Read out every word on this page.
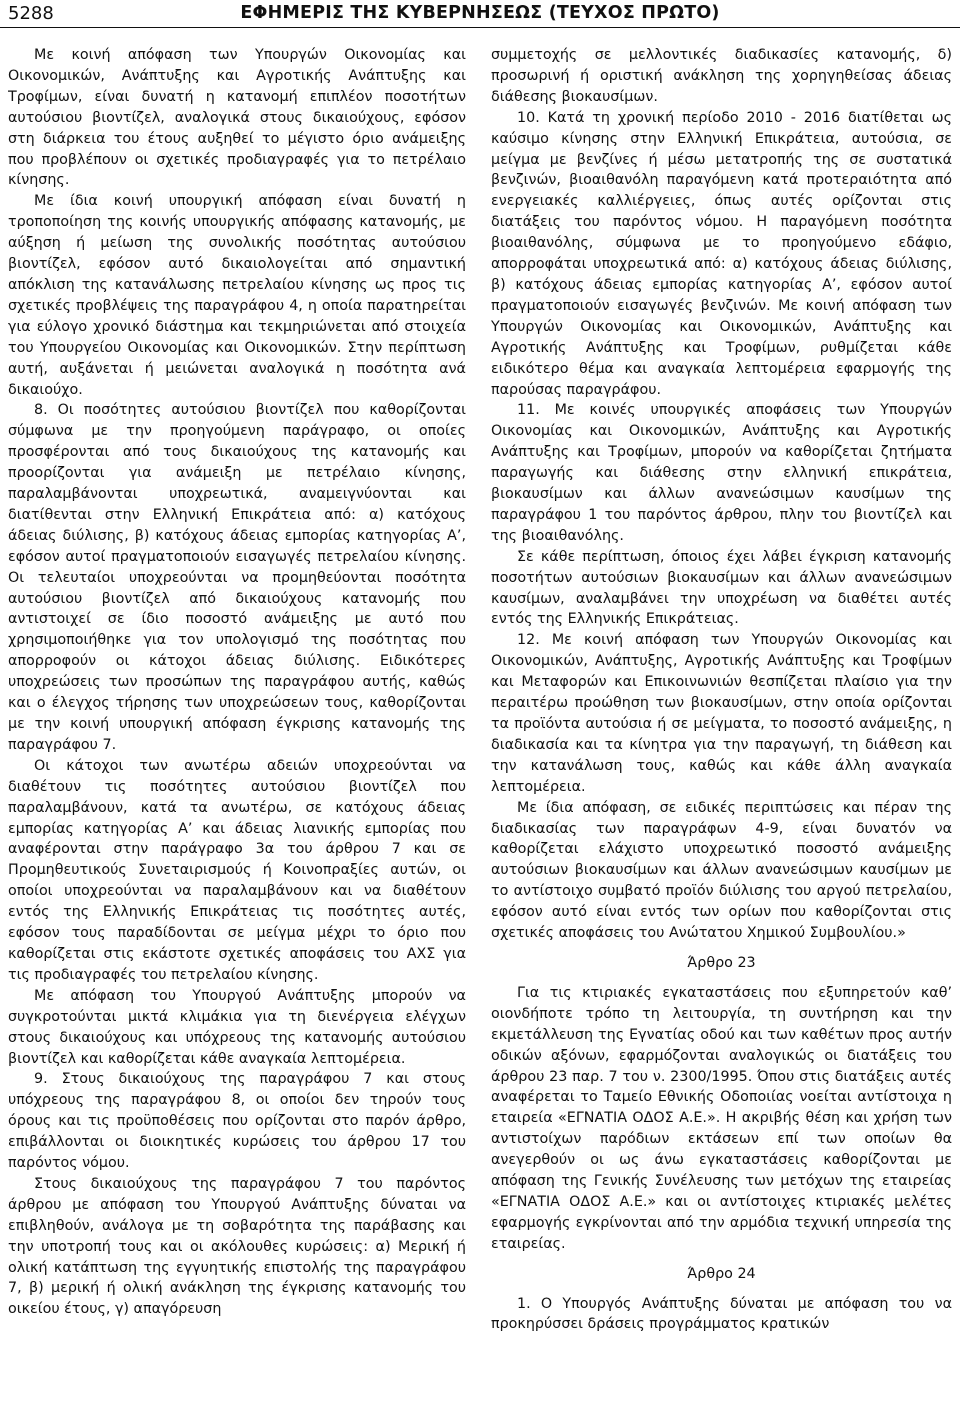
5288	ΕΦΗΜΕΡΙΣ ΤΗΣ ΚΥΒΕΡΝΗΣΕΩΣ (ΤΕΥΧΟΣ ΠΡΩΤΟ)

Με κοινή απόφαση των Υπουργών Οικονομίας και Οικονομικών, Ανάπτυξης και Αγροτικής Ανάπτυξης και Τροφίμων, είναι δυνατή η κατανομή επιπλέον ποσοτήτων αυτούσιου βιοντίζελ, αναλογικά στους δικαιούχους, εφόσον στη διάρκεια του έτους αυξηθεί το μέγιστο όριο ανάμειξης που προβλέπουν οι σχετικές προδιαγραφές για το πετρέλαιο κίνησης.

Με ίδια κοινή υπουργική απόφαση είναι δυνατή η τροποποίηση της κοινής υπουργικής απόφασης κατανομής, με αύξηση ή μείωση της συνολικής ποσότητας αυτούσιου βιοντίζελ, εφόσον αυτό δικαιολογείται από σημαντική απόκλιση της κατανάλωσης πετρελαίου κίνησης ως προς τις σχετικές προβλέψεις της παραγράφου 4, η οποία παρατηρείται για εύλογο χρονικό διάστημα και τεκμηριώνεται από στοιχεία του Υπουργείου Οικονομίας και Οικονομικών. Στην περίπτωση αυτή, αυξάνεται ή μειώνεται αναλογικά η ποσότητα ανά δικαιούχο.

8. Οι ποσότητες αυτούσιου βιοντίζελ που καθορίζονται σύμφωνα με την προηγούμενη παράγραφο, οι οποίες προσφέρονται από τους δικαιούχους της κατανομής και προορίζονται για ανάμειξη με πετρέλαιο κίνησης, παραλαμβάνονται υποχρεωτικά, αναμειγνύονται και διατίθενται στην Ελληνική Επικράτεια από: α) κατόχους άδειας διύλισης, β) κατόχους άδειας εμπορίας κατηγορίας Α’, εφόσον αυτοί πραγματοποιούν εισαγωγές πετρελαίου κίνησης. Οι τελευταίοι υποχρεούνται να προμηθεύονται ποσότητα αυτούσιου βιοντίζελ από δικαιούχους κατανομής που αντιστοιχεί σε ίδιο ποσοστό ανάμειξης με αυτό που χρησιμοποιήθηκε για τον υπολογισμό της ποσότητας που απορροφούν οι κάτοχοι άδειας διύλισης. Ειδικότερες υποχρεώσεις των προσώπων της παραγράφου αυτής, καθώς και ο έλεγχος τήρησης των υποχρεώσεων τους, καθορίζονται με την κοινή υπουργική απόφαση έγκρισης κατανομής της παραγράφου 7.

Οι κάτοχοι των ανωτέρω αδειών υποχρεούνται να διαθέτουν τις ποσότητες αυτούσιου βιοντίζελ που παραλαμβάνουν, κατά τα ανωτέρω, σε κατόχους άδειας εμπορίας κατηγορίας Α’ και άδειας λιανικής εμπορίας που αναφέρονται στην παράγραφο 3α του άρθρου 7 και σε Προμηθευτικούς Συνεταιρισμούς ή Κοινοπραξίες αυτών, οι οποίοι υποχρεούνται να παραλαμβάνουν και να διαθέτουν εντός της Ελληνικής Επικράτειας τις ποσότητες αυτές, εφόσον τους παραδίδονται σε μείγμα μέχρι το όριο που καθορίζεται στις εκάστοτε σχετικές αποφάσεις του ΑΧΣ για τις προδιαγραφές του πετρελαίου κίνησης.

Με απόφαση του Υπουργού Ανάπτυξης μπορούν να συγκροτούνται μικτά κλιμάκια για τη διενέργεια ελέγχων στους δικαιούχους και υπόχρεους της κατανομής αυτούσιου βιοντίζελ και καθορίζεται κάθε αναγκαία λεπτομέρεια.

9. Στους δικαιούχους της παραγράφου 7 και στους υπόχρεους της παραγράφου 8, οι οποίοι δεν τηρούν τους όρους και τις προϋποθέσεις που ορίζονται στο παρόν άρθρο, επιβάλλονται οι διοικητικές κυρώσεις του άρθρου 17 του παρόντος νόμου.

Στους δικαιούχους της παραγράφου 7 του παρόντος άρθρου με απόφαση του Υπουργού Ανάπτυξης δύναται να επιβληθούν, ανάλογα με τη σοβαρότητα της παράβασης και την υποτροπή τους και οι ακόλουθες κυρώσεις: α) Μερική ή ολική κατάπτωση της εγγυητικής επιστολής της παραγράφου 7, β) μερική ή ολική ανάκληση της έγκρισης κατανομής του οικείου έτους, γ) απαγόρευση

συμμετοχής σε μελλοντικές διαδικασίες κατανομής, δ) προσωρινή ή οριστική ανάκληση της χορηγηθείσας άδειας διάθεσης βιοκαυσίμων.

10. Κατά τη χρονική περίοδο 2010 - 2016 διατίθεται ως καύσιμο κίνησης στην Ελληνική Επικράτεια, αυτούσια, σε μείγμα με βενζίνες ή μέσω μετατροπής της σε συστατικά βενζινών, βιοαιθανόλη παραγόμενη κατά προτεραιότητα από ενεργειακές καλλιέργειες, όπως αυτές ορίζονται στις διατάξεις του παρόντος νόμου. Η παραγόμενη ποσότητα βιοαιθανόλης, σύμφωνα με το προηγούμενο εδάφιο, απορροφάται υποχρεωτικά από: α) κατόχους άδειας διύλισης, β) κατόχους άδειας εμπορίας κατηγορίας Α’, εφόσον αυτοί πραγματοποιούν εισαγωγές βενζινών. Με κοινή απόφαση των Υπουργών Οικονομίας και Οικονομικών, Ανάπτυξης και Αγροτικής Ανάπτυξης και Τροφίμων, ρυθμίζεται κάθε ειδικότερο θέμα και αναγκαία λεπτομέρεια εφαρμογής της παρούσας παραγράφου.

11. Με κοινές υπουργικές αποφάσεις των Υπουργών Οικονομίας και Οικονομικών, Ανάπτυξης και Αγροτικής Ανάπτυξης και Τροφίμων, μπορούν να καθορίζεται ζητήματα παραγωγής και διάθεσης στην ελληνική επικράτεια, βιοκαυσίμων και άλλων ανανεώσιμων καυσίμων της παραγράφου 1 του παρόντος άρθρου, πλην του βιοντίζελ και της βιοαιθανόλης.

Σε κάθε περίπτωση, όποιος έχει λάβει έγκριση κατανομής ποσοτήτων αυτούσιων βιοκαυσίμων και άλλων ανανεώσιμων καυσίμων, αναλαμβάνει την υποχρέωση να διαθέτει αυτές εντός της Ελληνικής Επικράτειας.

12. Με κοινή απόφαση των Υπουργών Οικονομίας και Οικονομικών, Ανάπτυξης, Αγροτικής Ανάπτυξης και Τροφίμων και Μεταφορών και Επικοινωνιών θεσπίζεται πλαίσιο για την περαιτέρω προώθηση των βιοκαυσίμων, στην οποία ορίζονται τα προϊόντα αυτούσια ή σε μείγματα, το ποσοστό ανάμειξης, η διαδικασία και τα κίνητρα για την παραγωγή, τη διάθεση και την κατανάλωση τους, καθώς και κάθε άλλη αναγκαία λεπτομέρεια.

Με ίδια απόφαση, σε ειδικές περιπτώσεις και πέραν της διαδικασίας των παραγράφων 4-9, είναι δυνατόν να καθορίζεται ελάχιστο υποχρεωτικό ποσοστό ανάμειξης αυτούσιων βιοκαυσίμων και άλλων ανανεώσιμων καυσίμων με το αντίστοιχο συμβατό προϊόν διύλισης του αργού πετρελαίου, εφόσον αυτό είναι εντός των ορίων που καθορίζονται στις σχετικές αποφάσεις του Ανώτατου Χημικού Συμβουλίου.»

Άρθρο 23

Για τις κτιριακές εγκαταστάσεις που εξυπηρετούν καθ’ οιονδήποτε τρόπο τη λειτουργία, τη συντήρηση και την εκμετάλλευση της Εγνατίας οδού και των καθέτων προς αυτήν οδικών αξόνων, εφαρμόζονται αναλογικώς οι διατάξεις του άρθρου 23 παρ. 7 του ν. 2300/1995. Όπου στις διατάξεις αυτές αναφέρεται το Ταμείο Εθνικής Οδοποιίας νοείται αντίστοιχα η εταιρεία «ΕΓΝΑΤΙΑ ΟΔΟΣ Α.Ε.». Η ακριβής θέση και χρήση των αντιστοίχων παρόδιων εκτάσεων επί των οποίων θα ανεγερθούν οι ως άνω εγκαταστάσεις καθορίζονται με απόφαση της Γενικής Συνέλευσης των μετόχων της εταιρείας «ΕΓΝΑΤΙΑ ΟΔΟΣ Α.Ε.» και οι αντίστοιχες κτιριακές μελέτες εφαρμογής εγκρίνονται από την αρμόδια τεχνική υπηρεσία της εταιρείας.

Άρθρο 24

1. Ο Υπουργός Ανάπτυξης δύναται με απόφαση του να προκηρύσσει δράσεις προγράμματος κρατικών
